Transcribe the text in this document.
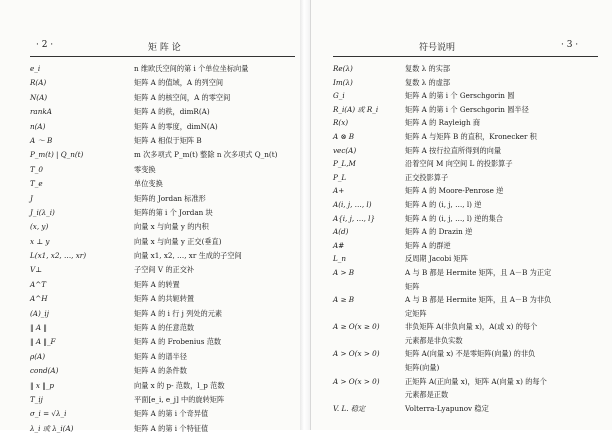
· 2 ·	矩 阵 论
e_i	n 维欧氏空间的第 i 个单位坐标向量
R(A)	矩阵 A 的值域，A 的列空间
N(A)	矩阵 A 的核空间，A 的零空间
rankA	矩阵 A 的秩，dimR(A)
n(A)	矩阵 A 的零度，dimN(A)
A ～ B	矩阵 A 相似于矩阵 B
P_m(t) | Q_n(t)	m 次多项式 P_m(t) 整除 n 次多项式 Q_n(t)
T_0	零变换
T_e	单位变换
J	矩阵的 Jordan 标准形
J_i(λ_i)	矩阵的第 i 个 Jordan 块
(x, y)	向量 x 与向量 y 的内积
x ⊥ y	向量 x 与向量 y 正交(垂直)
L(x1, x2, …, xr)	向量 x1, x2, …, xr 生成的子空间
V⊥	子空间 V 的正交补
A^T	矩阵 A 的转置
A^H	矩阵 A 的共轭转置
(A)_ij	矩阵 A 的 i 行 j 列处的元素
‖ A ‖	矩阵 A 的任意范数
‖ A ‖_F	矩阵 A 的 Frobenius 范数
ρ(A)	矩阵 A 的谱半径
cond(A)	矩阵 A 的条件数
‖ x ‖_p	向量 x 的 p- 范数，l_p 范数
T_ij	平面[e_i, e_j] 中的旋转矩阵
σ_i = √λ_i	矩阵 A 的第 i 个奇异值
λ_i 或 λ_i(A)	矩阵 A 的第 i 个特征值
符号说明	· 3 ·
Re(λ)	复数 λ 的实部
Im(λ)	复数 λ 的虚部
G_i	矩阵 A 的第 i 个 Gerschgorin 圆
R_i(A) 或 R_i	矩阵 A 的第 i 个 Gerschgorin 圆半径
R(x)	矩阵 A 的 Rayleigh 商
A ⊗ B	矩阵 A 与矩阵 B 的直积，Kronecker 积
vec(A)	矩阵 A 按行拉直所得到的向量
P_L,M	沿着空间 M 向空间 L 的投影算子
P_L	正交投影算子
A+	矩阵 A 的 Moore-Penrose 逆
A(i, j, …, l)	矩阵 A 的 (i, j, …, l) 逆
A{i, j, …, l}	矩阵 A 的 (i, j, …, l) 逆的集合
A(d)	矩阵 A 的 Drazin 逆
A#	矩阵 A 的群逆
L_n	反周期 Jacobi 矩阵
A > B	A 与 B 都是 Hermite 矩阵，且 A－B 为正定
矩阵
A ≥ B	A 与 B 都是 Hermite 矩阵，且 A－B 为非负
定矩阵
A ≥ O(x ≥ 0)	非负矩阵 A(非负向量 x)，A(或 x) 的每个
元素都是非负实数
A > O(x > 0)	矩阵 A(向量 x) 不是零矩阵(向量) 的非负
矩阵(向量)
A > O(x > 0)	正矩阵 A(正向量 x)，矩阵 A(向量 x) 的每个
元素都是正数
V. L. 稳定	Volterra-Lyapunov 稳定
